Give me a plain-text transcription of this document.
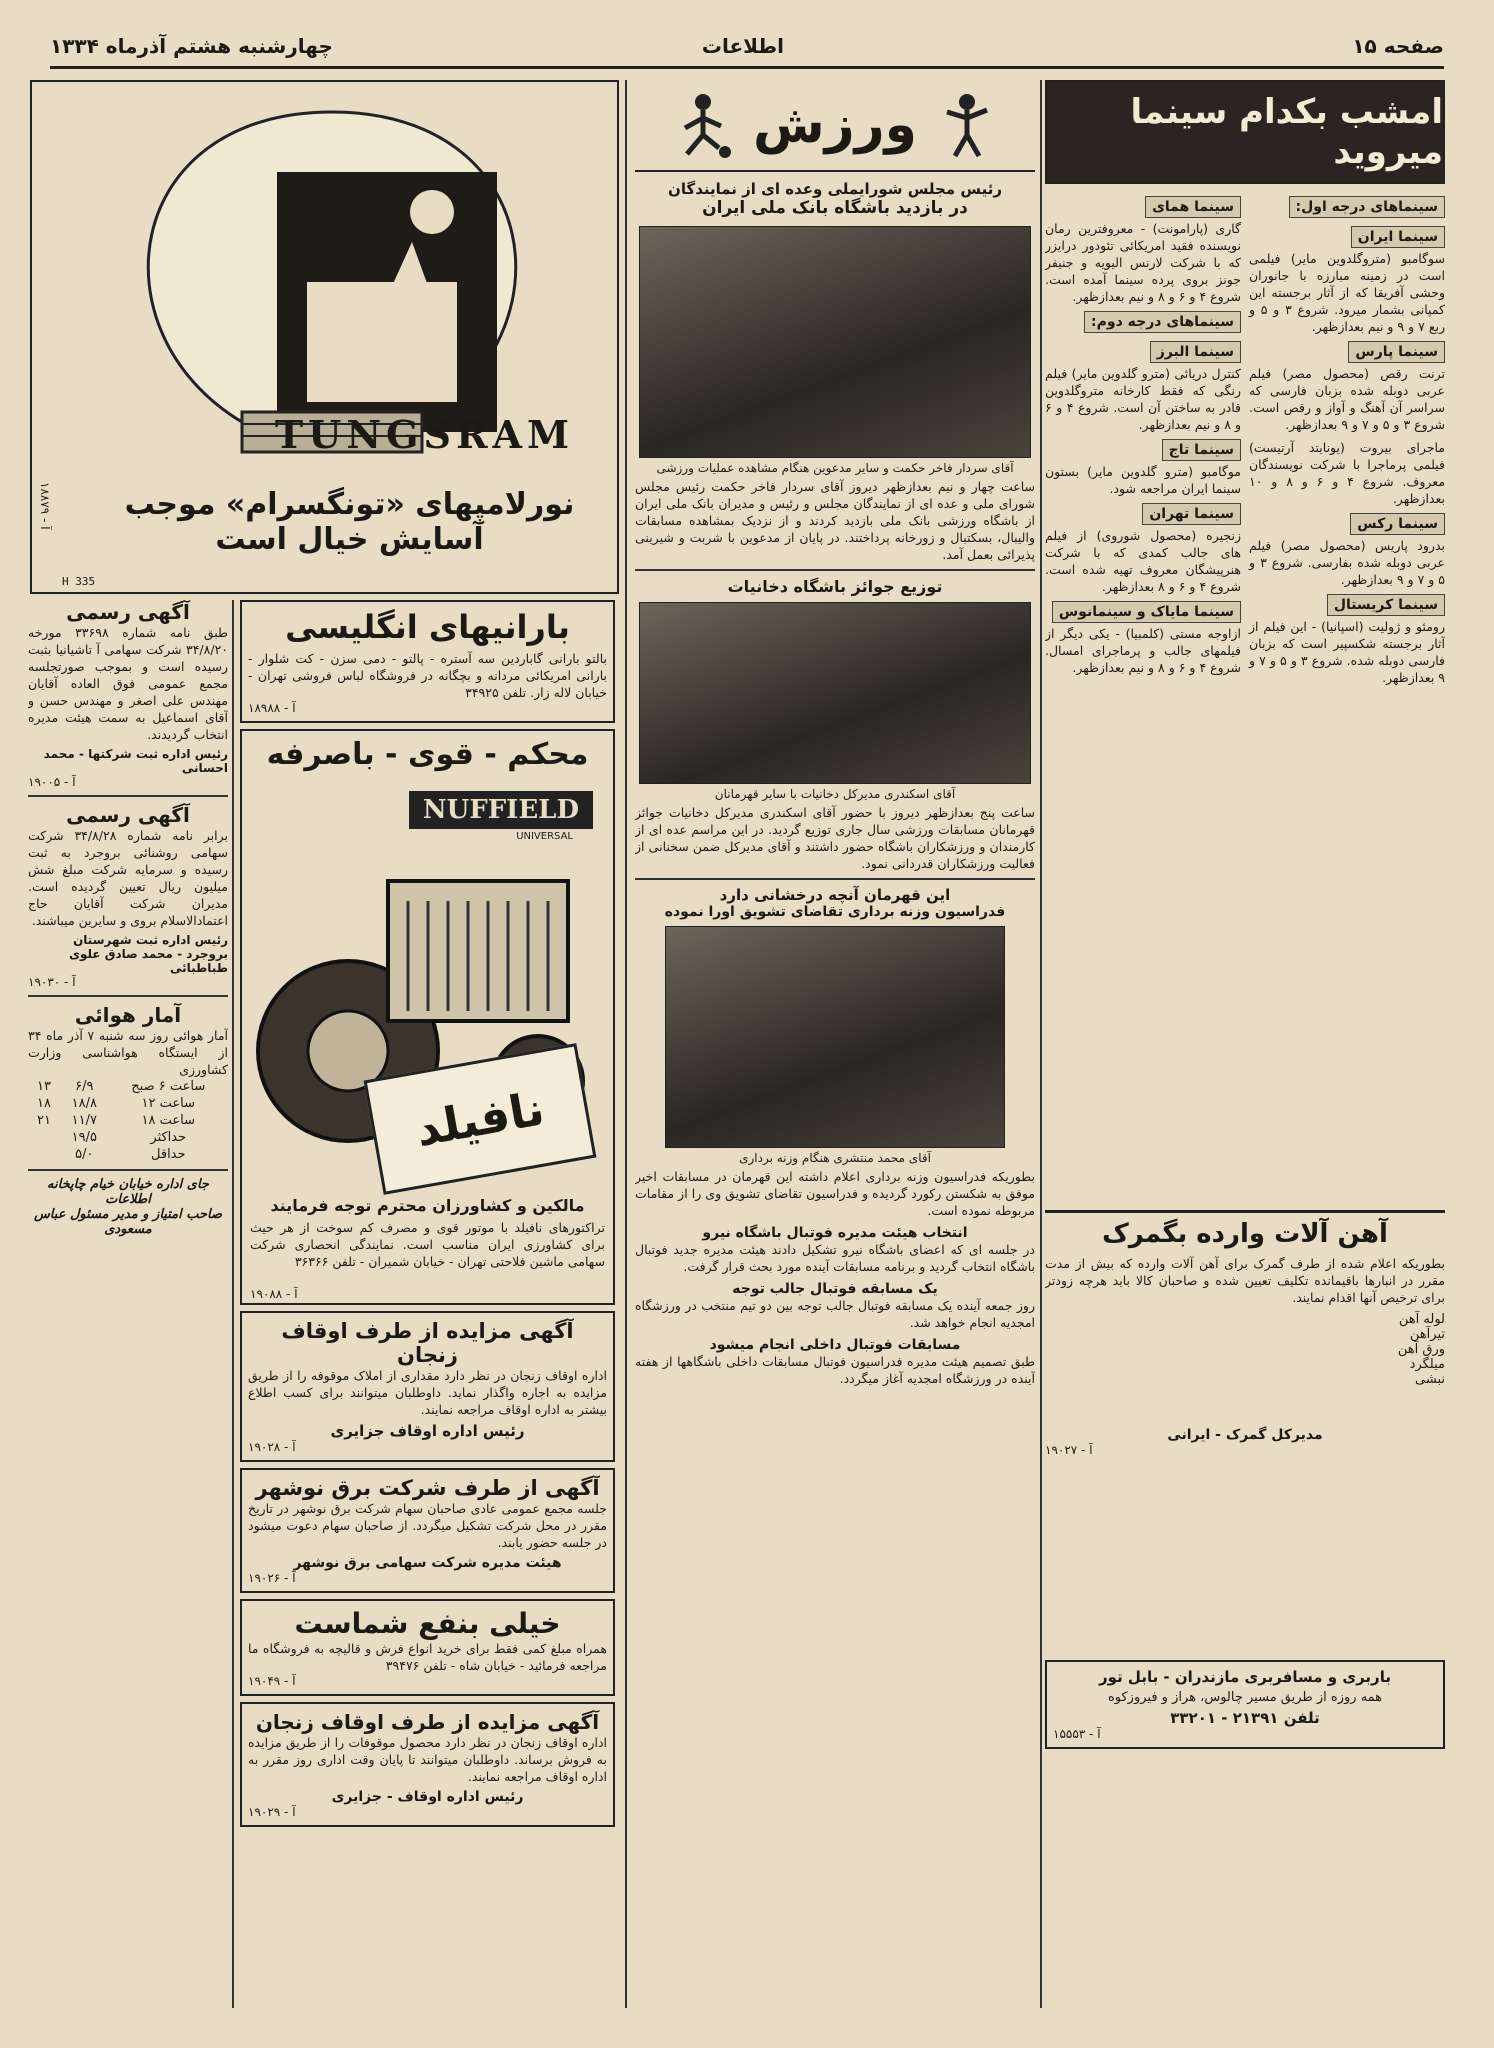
صفحه ۱۵
اطلاعات
چهارشنبه هشتم آذرماه ۱۳۳۴
امشب بکدام سینما میروید
سینماهای درجه اول: سینما ایران

سوگامبو (متروگلدوین مایر) فیلمی است در زمینه مبارزه با جانوران وحشی آفریقا که از آثار برجسته این کمپانی بشمار میرود. شروع ۳ و ۵ و ربع ۷ و ۹ و نیم بعدازظهر.

سینما پارس

ترنت رقص (محصول مصر) فیلم عربی دوبله شده بزبان فارسی که سراسر آن آهنگ و آواز و رقص است. شروع ۳ و ۵ و ۷ و ۹ بعدازظهر.

ماجرای بیروت (یونایتد آرتیست) فیلمی پرماجرا با شرکت نویسندگان معروف. شروع ۴ و ۶ و ۸ و ۱۰ بعدازظهر.

سینما رکس

بدرود پاریس (محصول مصر) فیلم عربی دوبله شده بفارسی. شروع ۳ و ۵ و ۷ و ۹ بعدازظهر.

سینما کریستال

رومئو و ژولیت (اسپانیا) - این فیلم از آثار برجسته شکسپیر است که بزبان فارسی دوبله شده. شروع ۳ و ۵ و ۷ و ۹ بعدازظهر.

سینما همای

گاری (پارامونت) - معروفترین رمان نویسنده فقید امریکائی تئودور درایزر که با شرکت لارنس الیویه و جنیفر جونز بروی پرده سینما آمده است. شروع ۴ و ۶ و ۸ و نیم بعدازظهر.

سینماهای درجه دوم: سینما البرز

کنترل دریائی (مترو گلدوین مایر) فیلم رنگی که فقط کارخانه متروگلدوین قادر به ساختن آن است. شروع ۴ و ۶ و ۸ و نیم بعدازظهر.

سینما تاج

موگامبو (مترو گلدوین مایر) بستون سینما ایران مراجعه شود.

سینما تهران

زنجیره (محصول شوروی) از فیلم های جالب کمدی که با شرکت هنرپیشگان معروف تهیه شده است. شروع ۴ و ۶ و ۸ بعدازظهر.

سینما مایاک و سینمانوس

ازاوجه مستی (کلمبیا) - یکی دیگر از فیلمهای جالب و پرماجرای امسال. شروع ۴ و ۶ و ۸ و نیم بعدازظهر.

آهن آلات وارده بگمرک

بطوریکه اعلام شده از طرف گمرک برای آهن آلات وارده که بیش از مدت مقرر در انبارها باقیمانده تکلیف تعیین شده و صاحبان کالا باید هرچه زودتر برای ترخیص آنها اقدام نمایند.

لوله آهن
تیرآهن
ورق آهن
میلگرد
نبشی
مدیرکل گمرک - ایرانی
آ - ۱۹۰۲۷
باربری و مسافربری مازندران - بابل تور
همه روزه از طریق مسیر چالوس، هراز و فیروزکوه
تلفن ۲۱۳۹۱ - ۳۳۲۰۱
آ - ۱۵۵۵۳
ورزش
رئیس مجلس شورایملی وعده ای از نمایندگان
در بازدید باشگاه بانک ملی ایران
آقای سردار فاخر حکمت و سایر مدعوین هنگام مشاهده عملیات ورزشی

ساعت چهار و نیم بعدازظهر دیروز آقای سردار فاخر حکمت رئیس مجلس شورای ملی و عده ای از نمایندگان مجلس و رئیس و مدیران بانک ملی ایران از باشگاه ورزشی بانک ملی بازدید کردند و از نزدیک بمشاهده مسابقات والیبال، بسکتبال و زورخانه پرداختند. در پایان از مدعوین با شربت و شیرینی پذیرائی بعمل آمد.

توزیع جوائز باشگاه دخانیات
آقای اسکندری مدیرکل دخانیات با سایر قهرمانان

ساعت پنج بعدازظهر دیروز با حضور آقای اسکندری مدیرکل دخانیات جوائز قهرمانان مسابقات ورزشی سال جاری توزیع گردید. در این مراسم عده ای از کارمندان و ورزشکاران باشگاه حضور داشتند و آقای مدیرکل ضمن سخنانی از فعالیت ورزشکاران قدردانی نمود.

این قهرمان آنچه درخشانی دارد
فدراسیون وزنه برداری تقاضای تشویق اورا نموده
آقای محمد منتشری هنگام وزنه برداری

بطوریکه فدراسیون وزنه برداری اعلام داشته این قهرمان در مسابقات اخیر موفق به شکستن رکورد گردیده و فدراسیون تقاضای تشویق وی را از مقامات مربوطه نموده است.

انتخاب هیئت مدیره فوتبال باشگاه نیرو

در جلسه ای که اعضای باشگاه نیرو تشکیل دادند هیئت مدیره جدید فوتبال باشگاه انتخاب گردید و برنامه مسابقات آینده مورد بحث قرار گرفت.

یک مسابقه فوتبال جالب توجه

روز جمعه آینده یک مسابقه فوتبال جالب توجه بین دو تیم منتخب در ورزشگاه امجدیه انجام خواهد شد.

مسابقات فوتبال داخلی انجام میشود

طبق تصمیم هیئت مدیره فدراسیون فوتبال مسابقات داخلی باشگاهها از هفته آینده در ورزشگاه امجدیه آغاز میگردد.

TUNGSRAM
نورلامپهای «تونگسرام» موجب آسایش خیال است
آ - ۱۸۸۷۹
H 335
بارانیهای انگلیسی

بالتو بارانی گاباردین سه آستره - پالتو - دمی سزن - کت شلوار - بارانی امریکائی مردانه و بچگانه در فروشگاه لباس فروشی تهران - خیابان لاله زار. تلفن ۳۴۹۲۵

آ - ۱۸۹۸۸
محکم - قوی - باصرفه
NUFFIELD
UNIVERSAL
نافیلد
مالکین و کشاورزان محترم توجه فرمایند

تراکتورهای نافیلد با موتور قوی و مصرف کم سوخت از هر حیث برای کشاورزی ایران مناسب است. نمایندگی انحصاری شرکت سهامی ماشین فلاحتی تهران - خیابان شمیران - تلفن ۳۶۳۶۶

آ - ۱۹۰۸۸
آگهی مزایده از طرف اوقاف زنجان

اداره اوقاف زنجان در نظر دارد مقداری از املاک موقوفه را از طریق مزایده به اجاره واگذار نماید. داوطلبان میتوانند برای کسب اطلاع بیشتر به اداره اوقاف مراجعه نمایند.

رئیس اداره اوقاف جزایری
آ - ۱۹۰۲۸
آگهی از طرف شرکت برق نوشهر

جلسه مجمع عمومی عادی صاحبان سهام شرکت برق نوشهر در تاریخ مقرر در محل شرکت تشکیل میگردد. از صاحبان سهام دعوت میشود در جلسه حضور یابند.

هیئت مدیره شرکت سهامی برق نوشهر
آ - ۱۹۰۲۶
خیلی بنفع شماست

همراه مبلغ کمی فقط برای خرید انواع فرش و قالیچه به فروشگاه ما مراجعه فرمائید - خیابان شاه - تلفن ۳۹۴۷۶

آ - ۱۹۰۴۹
آگهی مزایده از طرف اوقاف زنجان

اداره اوقاف زنجان در نظر دارد محصول موقوفات را از طریق مزایده به فروش برساند. داوطلبان میتوانند تا پایان وقت اداری روز مقرر به اداره اوقاف مراجعه نمایند.

رئیس اداره اوقاف - جزایری
آ - ۱۹۰۲۹
آگهی رسمی

طبق نامه شماره ۳۳۶۹۸ مورخه ۳۴/۸/۲۰ شرکت سهامی آ تاشیانیا بثبت رسیده است و بموجب صورتجلسه مجمع عمومی فوق العاده آقایان مهندس علی اصغر و مهندس حسن و آقای اسماعیل به سمت هیئت مدیره انتخاب گردیدند.

رئیس اداره ثبت شرکتها - محمد احسانی
آ - ۱۹۰۰۵
آگهی رسمی

برابر نامه شماره ۳۴/۸/۲۸ شرکت سهامی روشنائی بروجرد به ثبت رسیده و سرمایه شرکت مبلغ شش میلیون ریال تعیین گردیده است. مدیران شرکت آقایان حاج اعتمادالاسلام بروی و سایرین میباشند.

رئیس اداره ثبت شهرستان بروجرد - محمد صادق علوی طباطبائی
آ - ۱۹۰۳۰
آمار هوائی

آمار هوائی روز سه شنبه ۷ آذر ماه ۳۴ از ایستگاه هواشناسی وزارت کشاورزی

ساعت ۶ صبح	۶/۹	۱۳
ساعت ۱۲	۱۸/۸	۱۸
ساعت ۱۸	۱۱/۷	۲۱
حداکثر	۱۹/۵	
حداقل	۵/۰	
جای اداره خیابان خیام چاپخانه اطلاعات
صاحب امتیاز و مدیر مسئول عباس مسعودی
